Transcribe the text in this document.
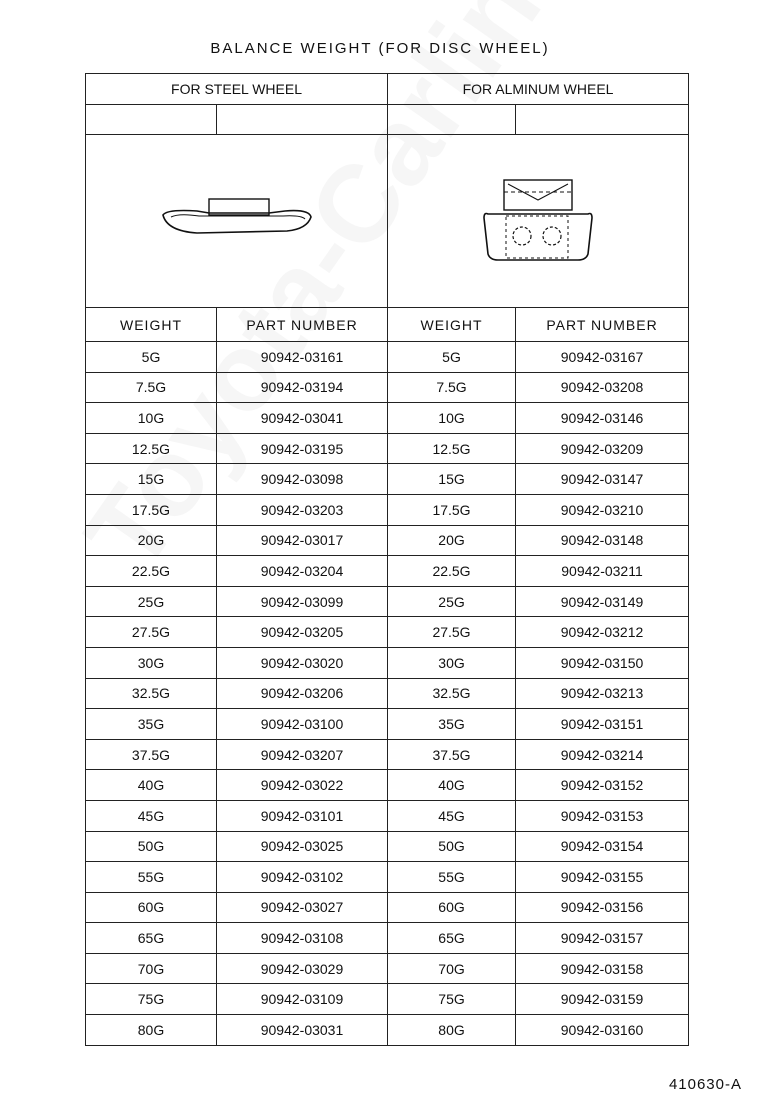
BALANCE WEIGHT (FOR DISC WHEEL)
FOR STEEL WHEEL		FOR ALMINUM WHEEL	

WEIGHT	PART NUMBER	WEIGHT	PART NUMBER
5G	90942-03161	5G	90942-03167
7.5G	90942-03194	7.5G	90942-03208
10G	90942-03041	10G	90942-03146
12.5G	90942-03195	12.5G	90942-03209
15G	90942-03098	15G	90942-03147
17.5G	90942-03203	17.5G	90942-03210
20G	90942-03017	20G	90942-03148
22.5G	90942-03204	22.5G	90942-03211
25G	90942-03099	25G	90942-03149
27.5G	90942-03205	27.5G	90942-03212
30G	90942-03020	30G	90942-03150
32.5G	90942-03206	32.5G	90942-03213
35G	90942-03100	35G	90942-03151
37.5G	90942-03207	37.5G	90942-03214
40G	90942-03022	40G	90942-03152
45G	90942-03101	45G	90942-03153
50G	90942-03025	50G	90942-03154
55G	90942-03102	55G	90942-03155
60G	90942-03027	60G	90942-03156
65G	90942-03108	65G	90942-03157
70G	90942-03029	70G	90942-03158
75G	90942-03109	75G	90942-03159
80G	90942-03031	80G	90942-03160
410630-A
